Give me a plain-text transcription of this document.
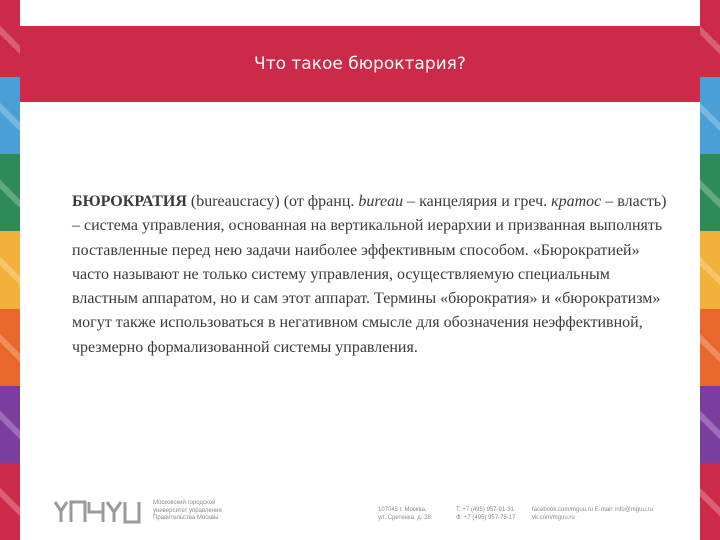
Что такое бюроктария?

БЮРОКРАТИЯ (bureaucracy) (от франц. bureau – канцелярия и греч. кратос – власть) – система управления, основанная на вертикальной иерархии и призванная выполнять поставленные перед нею задачи наиболее эффективным способом. «Бюрократией» часто называют не только систему управления, осуществляемую специальным властным аппаратом, но и сам этот аппарат. Термины «бюрократия» и «бюрократизм» могут также использоваться в негативном смысле для обозначения неэффективной, чрезмерно формализованной системы управления.

Московский городской
университет управления
Правительства Москвы
107045 г. Москва,
ул. Сретенка, д. 28
T: +7 (495) 957-91-31
Ф: +7 (495) 957-75-17
facebook.com/mguu.ru E-mail: info@mguu.ru
vk.com/mguu.ru
